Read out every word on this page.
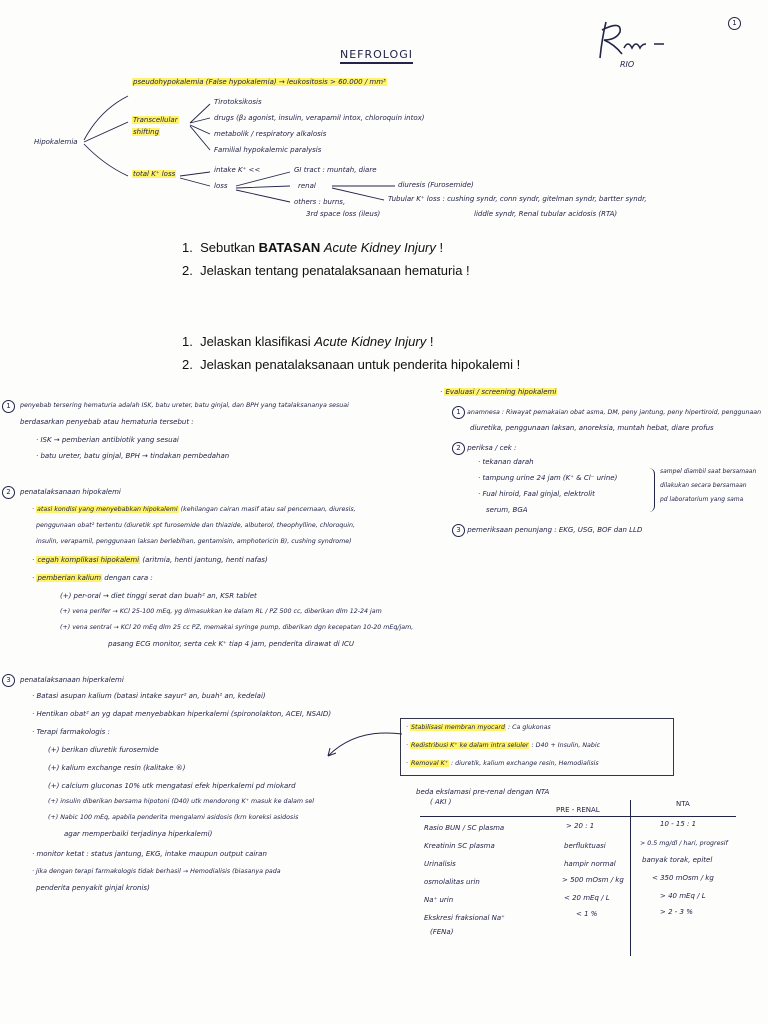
1
NEFROLOGI
RIO
Hipokalemia
pseudohypokalemia (False hypokalemia) → leukositosis > 60.000 / mm³
Transcellular
shifting
Tirotoksikosis
drugs (β₂ agonist, insulin, verapamil intox, chloroquin intox)
metabolik / respiratory alkalosis
Familial hypokalemic paralysis
total K⁺ loss	intake K⁺ <<
loss
GI tract : muntah, diare
renal
others : burns,
3rd space loss (ileus)
diuresis (Furosemide)
Tubular K⁺ loss : cushing syndr, conn syndr, gitelman syndr, bartter syndr,
liddle syndr, Renal tubular acidosis (RTA)
1. Sebutkan BATASAN Acute Kidney Injury !
2. Jelaskan tentang penatalaksanaan hematuria !
1. Jelaskan klasifikasi Acute Kidney Injury !
2. Jelaskan penatalaksanaan untuk penderita hipokalemi !
1	penyebab tersering hematuria adalah ISK, batu ureter, batu ginjal, dan BPH yang tatalaksananya sesuai
berdasarkan penyebab atau hematuria tersebut :
· ISK → pemberian antibiotik yang sesuai
· batu ureter, batu ginjal, BPH → tindakan pembedahan
2	penatalaksanaan hipokalemi
· atasi kondisi yang menyebabkan hipokalemi (kehilangan cairan masif atau sal pencernaan, diuresis,
penggunaan obat² tertentu (diuretik spt furosemide dan thiazide, albuterol, theophylline, chloroquin,
insulin, verapamil, penggunaan laksan berlebihan, gentamisin, amphotericin B), cushing syndrome)
· cegah komplikasi hipokalemi (aritmia, henti jantung, henti nafas)
· pemberian kalium dengan cara :
(+) per-oral → diet tinggi serat dan buah² an, KSR tablet
(+) vena perifer → KCl 25-100 mEq, yg dimasukkan ke dalam RL / PZ 500 cc, diberikan dlm 12-24 jam
(+) vena sentral → KCl 20 mEq dlm 25 cc PZ, memakai syringe pump, diberikan dgn kecepatan 10-20 mEq/jam,
pasang ECG monitor, serta cek K⁺ tiap 4 jam, penderita dirawat di ICU
3	penatalaksanaan hiperkalemi
· Batasi asupan kalium (batasi intake sayur² an, buah² an, kedelai)
· Hentikan obat² an yg dapat menyebabkan hiperkalemi (spironolakton, ACEI, NSAID)
· Terapi farmakologis :
(+) berikan diuretik furosemide
(+) kalium exchange resin (kalitake ®)
(+) calcium gluconas 10% utk mengatasi efek hiperkalemi pd miokard
(+) insulin diberikan bersama hipotoni (D40) utk mendorong K⁺ masuk ke dalam sel
(+) Nabic 100 mEq, apabila penderita mengalami asidosis (krn koreksi asidosis
agar memperbaiki terjadinya hiperkalemi)
· monitor ketat : status jantung, EKG, intake maupun output cairan
· jika dengan terapi farmakologis tidak berhasil → Hemodialisis (biasanya pada
penderita penyakit ginjal kronis)
· Evaluasi / screening hipokalemi
1 anamnesa : Riwayat pemakaian obat asma, DM, peny jantung, peny hipertiroid, penggunaan
diuretika, penggunaan laksan, anoreksia, muntah hebat, diare profus
2 periksa / cek :
· tekanan darah
· tampung urine 24 jam (K⁺ & Cl⁻ urine)
· Fual hiroid, Faal ginjal, elektrolit
serum, BGA
sampel diambil saat bersamaan
dilakukan secara bersamaan
pd laboratorium yang sama
3 pemeriksaan penunjang : EKG, USG, BOF dan LLD
· Stabilisasi membran myocard : Ca glukonas
· Redistribusi K⁺ ke dalam intra seluler : D40 + Insulin, Nabic
· Removal K⁺ : diuretik, kalium exchange resin, Hemodialisis
beda ekslamasi pre-renal dengan NTA
( AKI )
PRE - RENAL
NTA
Rasio BUN / SC plasma	> 20 : 1	10 - 15 : 1
Kreatinin SC plasma	berfluktuasi	> 0.5 mg/dl / hari, progresif
Urinalisis	hampir normal	banyak torak, epitel
osmolalitas urin	> 500 mOsm / kg	< 350 mOsm / kg
Na⁺ urin	< 20 mEq / L	> 40 mEq / L
Ekskresi fraksional Na⁺	< 1 %	> 2 - 3 %
(FENa)
